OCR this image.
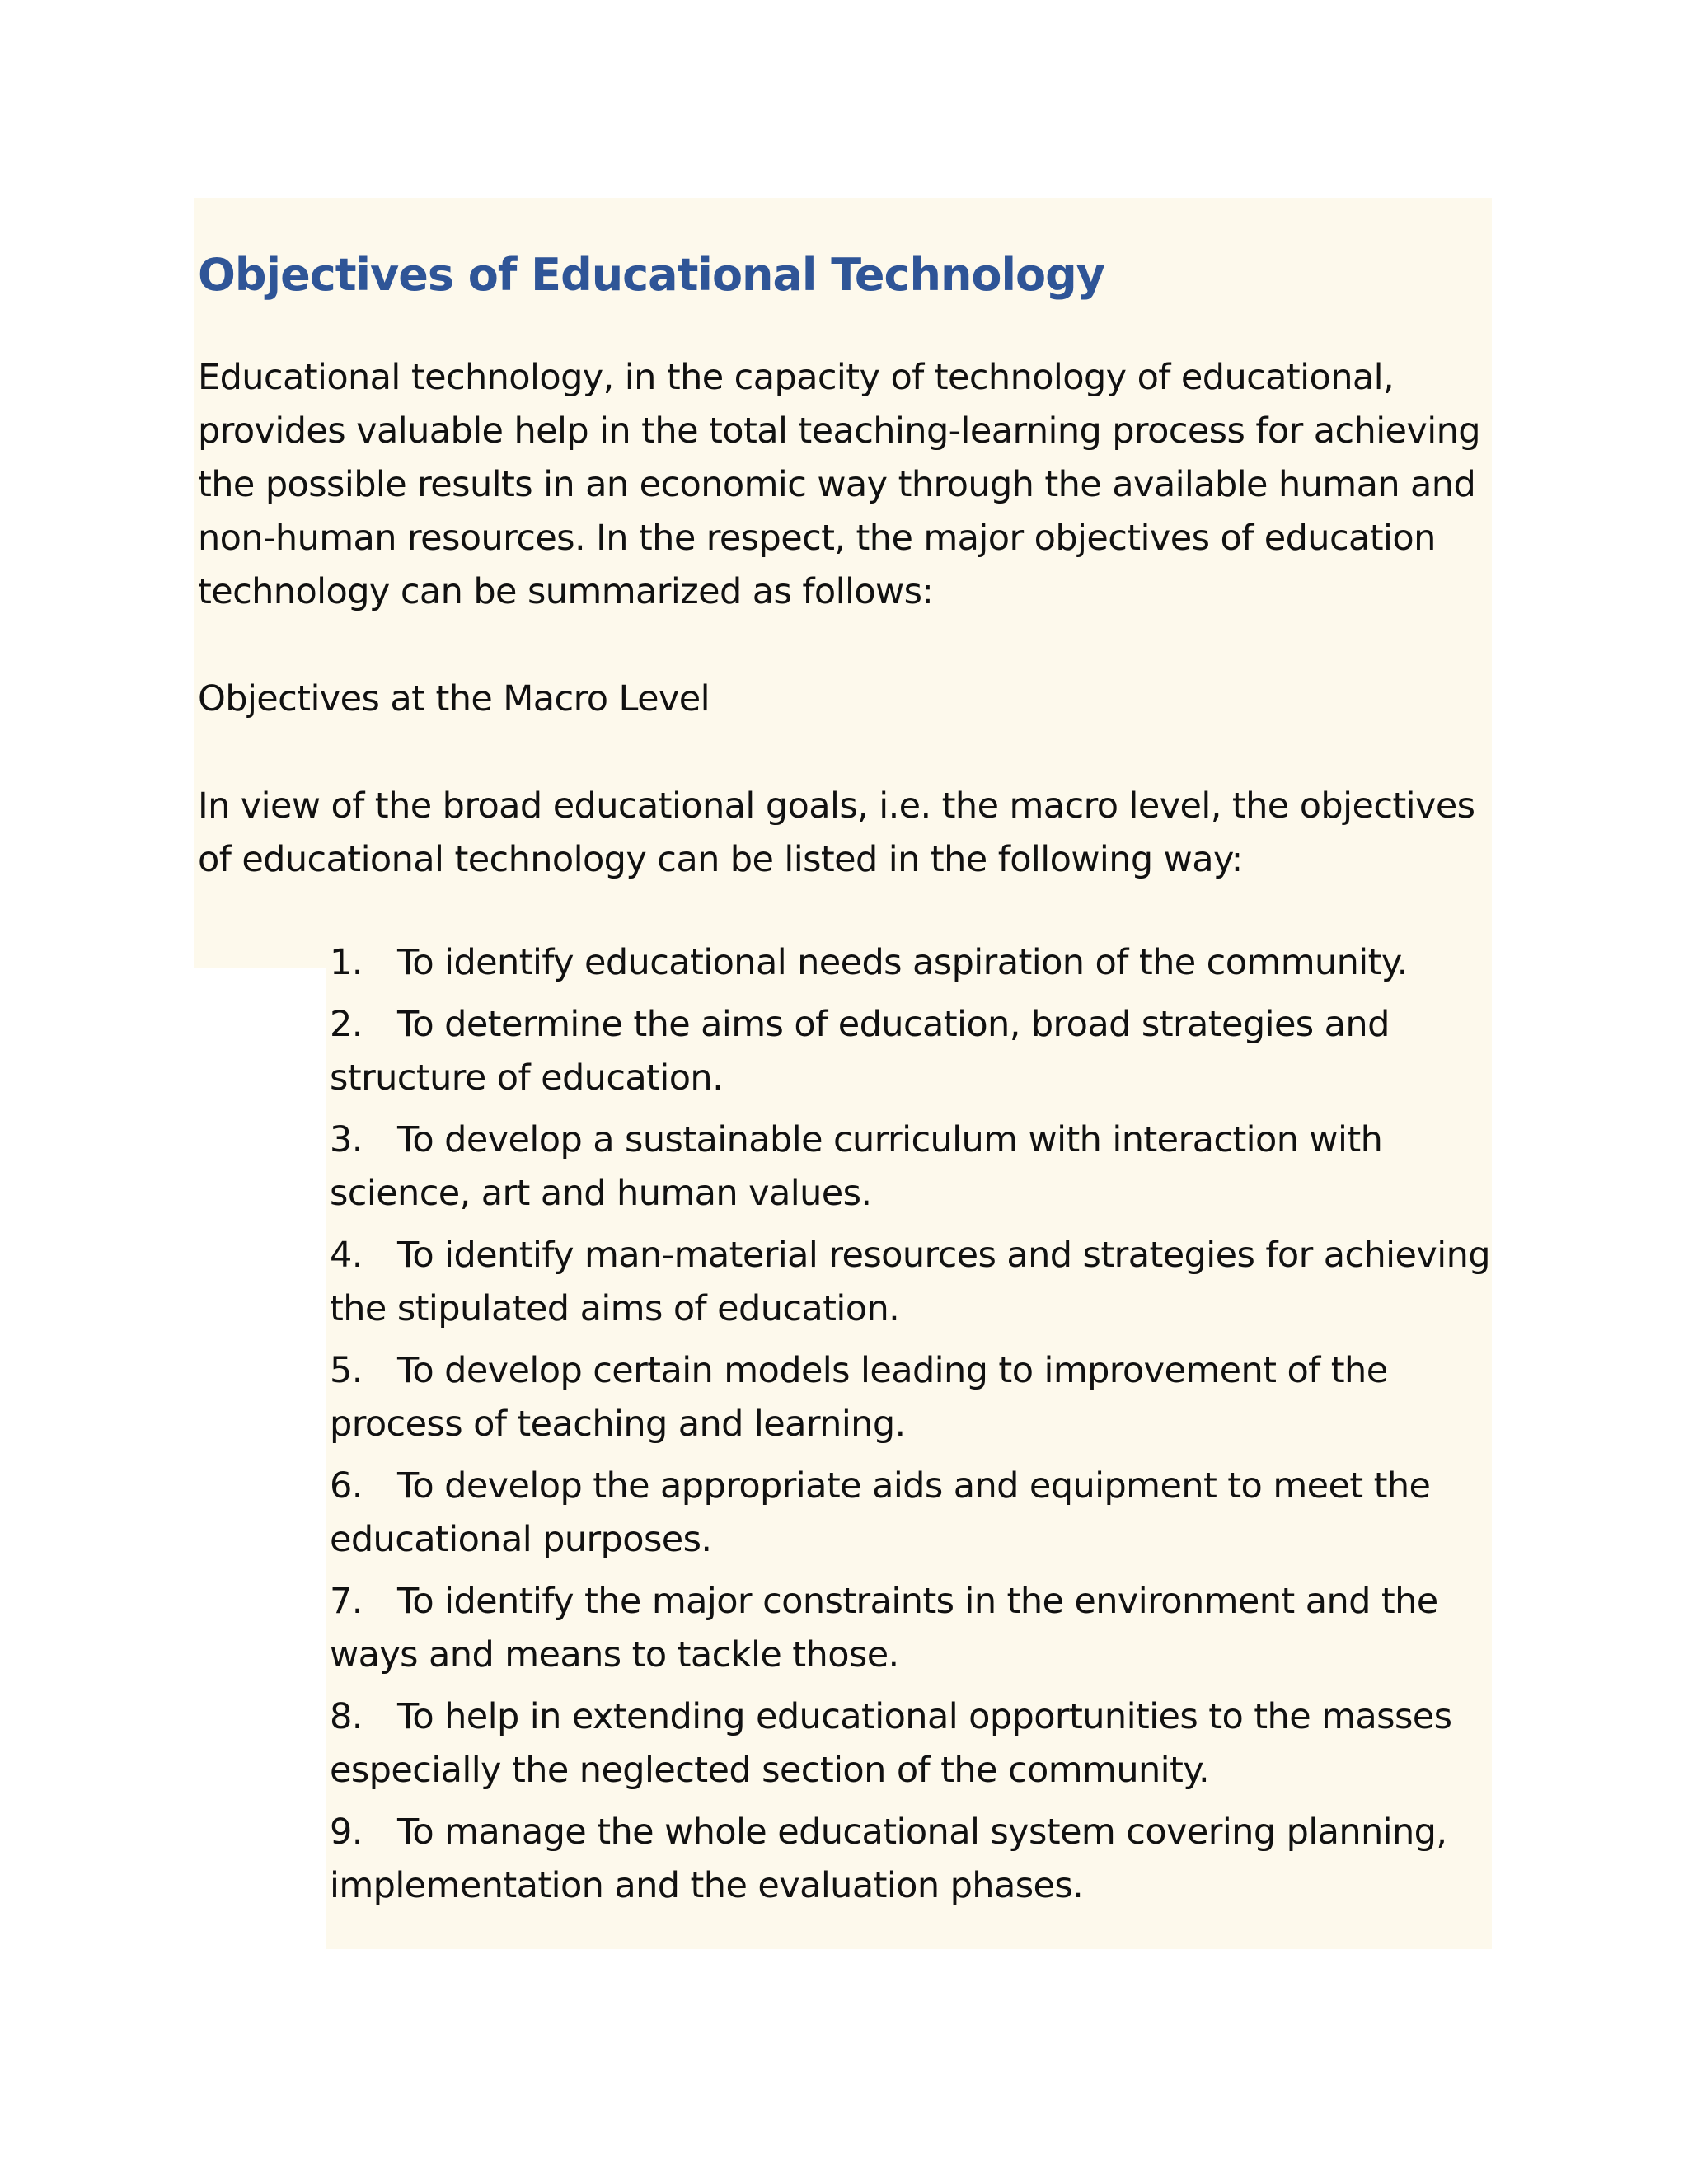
Objectives of Educational Technology

Educational technology, in the capacity of technology of educational, provides valuable help in the total teaching-learning process for achieving the possible results in an economic way through the available human and non-human resources. In the respect, the major objectives of education technology can be summarized as follows:

Objectives at the Macro Level

In view of the broad educational goals, i.e. the macro level, the objectives of educational technology can be listed in the following way:

1. To identify educational needs aspiration of the community.
2. To determine the aims of education, broad strategies and structure of education.
3. To develop a sustainable curriculum with interaction with science, art and human values.
4. To identify man-material resources and strategies for achieving the stipulated aims of education.
5. To develop certain models leading to improvement of the process of teaching and learning.
6. To develop the appropriate aids and equipment to meet the educational purposes.
7. To identify the major constraints in the environment and the ways and means to tackle those.
8. To help in extending educational opportunities to the masses especially the neglected section of the community.
9. To manage the whole educational system covering planning, implementation and the evaluation phases.
